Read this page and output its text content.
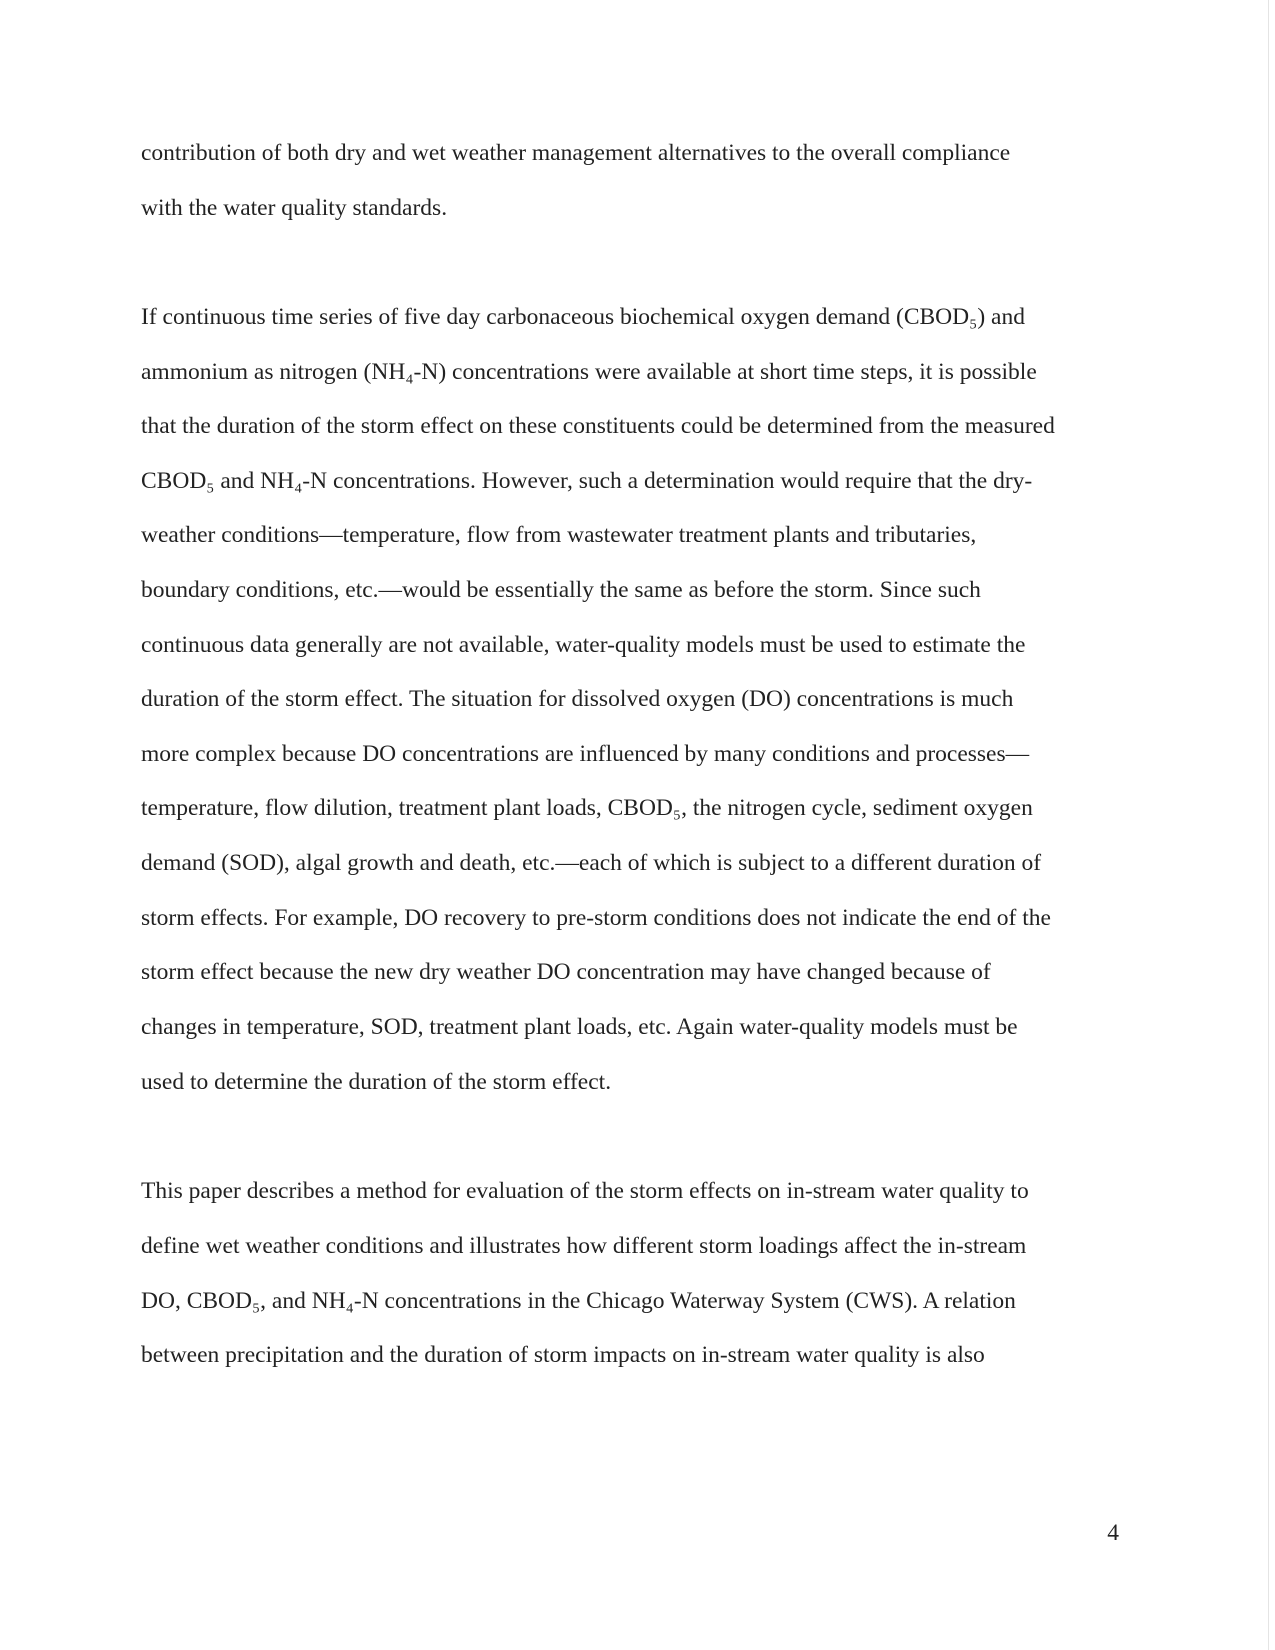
contribution of both dry and wet weather management alternatives to the overall compliance
with the water quality standards.
If continuous time series of five day carbonaceous biochemical oxygen demand (CBOD₅) and
ammonium as nitrogen (NH₄-N) concentrations were available at short time steps, it is possible
that the duration of the storm effect on these constituents could be determined from the measured
CBOD₅ and NH₄-N concentrations. However, such a determination would require that the dry-
weather conditions—temperature, flow from wastewater treatment plants and tributaries,
boundary conditions, etc.—would be essentially the same as before the storm. Since such
continuous data generally are not available, water-quality models must be used to estimate the
duration of the storm effect. The situation for dissolved oxygen (DO) concentrations is much
more complex because DO concentrations are influenced by many conditions and processes—
temperature, flow dilution, treatment plant loads, CBOD₅, the nitrogen cycle, sediment oxygen
demand (SOD), algal growth and death, etc.—each of which is subject to a different duration of
storm effects. For example, DO recovery to pre-storm conditions does not indicate the end of the
storm effect because the new dry weather DO concentration may have changed because of
changes in temperature, SOD, treatment plant loads, etc. Again water-quality models must be
used to determine the duration of the storm effect.
This paper describes a method for evaluation of the storm effects on in-stream water quality to
define wet weather conditions and illustrates how different storm loadings affect the in-stream
DO, CBOD₅, and NH₄-N concentrations in the Chicago Waterway System (CWS). A relation
between precipitation and the duration of storm impacts on in-stream water quality is also
4
